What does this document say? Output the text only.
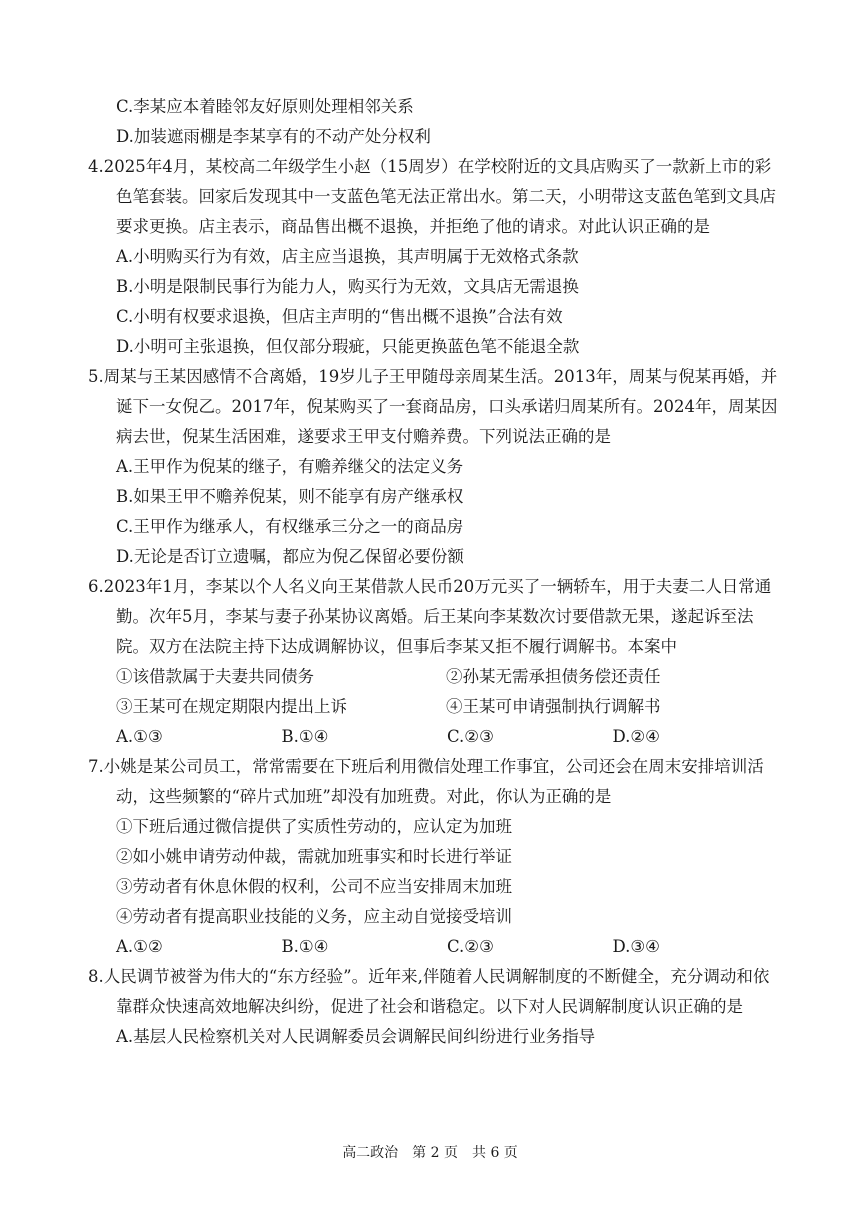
C.李某应本着睦邻友好原则处理相邻关系
D.加装遮雨棚是李某享有的不动产处分权利
4.2025年4月，某校高二年级学生小赵（15周岁）在学校附近的文具店购买了一款新上市的彩色笔套装。回家后发现其中一支蓝色笔无法正常出水。第二天，小明带这支蓝色笔到文具店要求更换。店主表示，商品售出概不退换，并拒绝了他的请求。对此认识正确的是
A.小明购买行为有效，店主应当退换，其声明属于无效格式条款
B.小明是限制民事行为能力人，购买行为无效，文具店无需退换
C.小明有权要求退换，但店主声明的“售出概不退换”合法有效
D.小明可主张退换，但仅部分瑕疵，只能更换蓝色笔不能退全款
5.周某与王某因感情不合离婚，19岁儿子王甲随母亲周某生活。2013年，周某与倪某再婚，并诞下一女倪乙。2017年，倪某购买了一套商品房，口头承诺归周某所有。2024年，周某因病去世，倪某生活困难，遂要求王甲支付赡养费。下列说法正确的是
A.王甲作为倪某的继子，有赡养继父的法定义务
B.如果王甲不赡养倪某，则不能享有房产继承权
C.王甲作为继承人，有权继承三分之一的商品房
D.无论是否订立遗嘱，都应为倪乙保留必要份额
6.2023年1月，李某以个人名义向王某借款人民币20万元买了一辆轿车，用于夫妻二人日常通勤。次年5月，李某与妻子孙某协议离婚。后王某向李某数次讨要借款无果，遂起诉至法院。双方在法院主持下达成调解协议，但事后李某又拒不履行调解书。本案中
①该借款属于夫妻共同债务	②孙某无需承担债务偿还责任
③王某可在规定期限内提出上诉	④王某可申请强制执行调解书
A.①③	B.①④	C.②③	D.②④
7.小姚是某公司员工，常常需要在下班后利用微信处理工作事宜，公司还会在周末安排培训活动，这些频繁的“碎片式加班”却没有加班费。对此，你认为正确的是
①下班后通过微信提供了实质性劳动的，应认定为加班
②如小姚申请劳动仲裁，需就加班事实和时长进行举证
③劳动者有休息休假的权利，公司不应当安排周末加班
④劳动者有提高职业技能的义务，应主动自觉接受培训
A.①②	B.①④	C.②③	D.③④
8.人民调节被誉为伟大的“东方经验”。近年来,伴随着人民调解制度的不断健全，充分调动和依靠群众快速高效地解决纠纷，促进了社会和谐稳定。以下对人民调解制度认识正确的是
A.基层人民检察机关对人民调解委员会调解民间纠纷进行业务指导
高二政治　第 2 页　共 6 页
